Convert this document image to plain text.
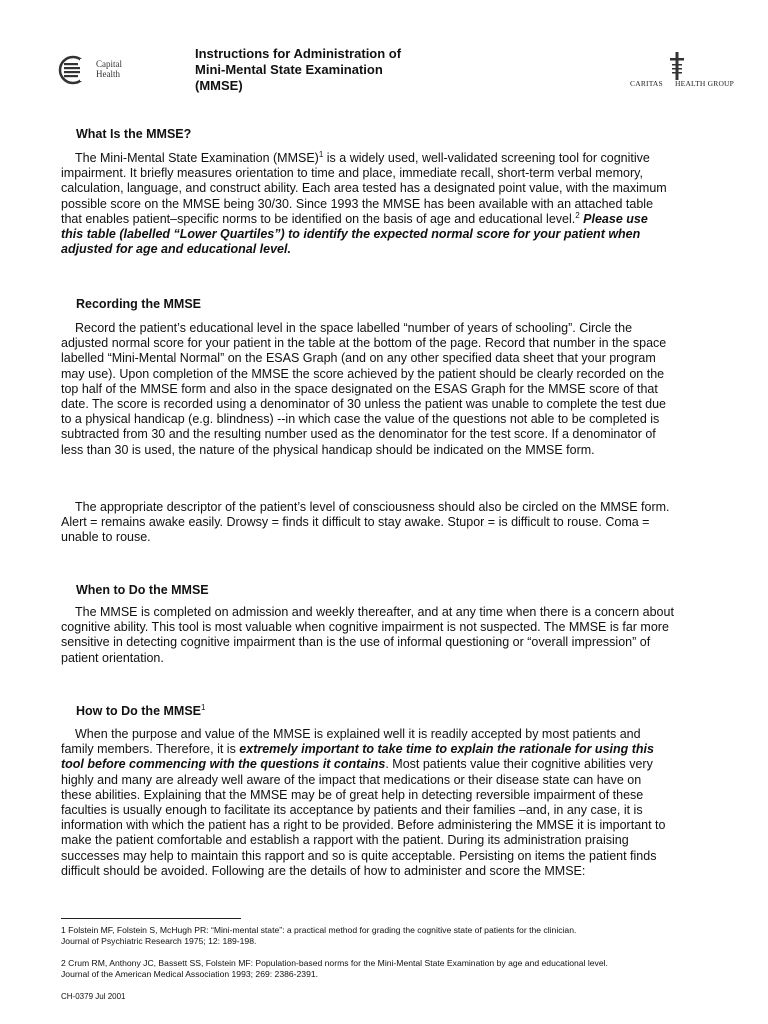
Capital
Health
Instructions for Administration of
Mini-Mental State Examination
(MMSE)	CARITAS HEALTH GROUP
What Is the MMSE?
The Mini-Mental State Examination (MMSE)$^1$ is a widely used, well-validated screening tool for cognitive
impairment. It briefly measures orientation to time and place, immediate recall, short-term verbal memory,
calculation, language, and construct ability. Each area tested has a designated point value, with the maximum
possible score on the MMSE being 30/30. Since 1993 the MMSE has been available with an attached table
that enables patient–specific norms to be identified on the basis of age and educational level.$^2$ Please use
this table (labelled “Lower Quartiles”) to identify the expected normal score for your patient when
adjusted for age and educational level.
Recording the MMSE
Record the patient’s educational level in the space labelled “number of years of schooling”. Circle the
adjusted normal score for your patient in the table at the bottom of the page. Record that number in the space
labelled “Mini-Mental Normal” on the ESAS Graph (and on any other specified data sheet that your program
may use). Upon completion of the MMSE the score achieved by the patient should be clearly recorded on the
top half of the MMSE form and also in the space designated on the ESAS Graph for the MMSE score of that
date. The score is recorded using a denominator of 30 unless the patient was unable to complete the test due
to a physical handicap (e.g. blindness) --in which case the value of the questions not able to be completed is
subtracted from 30 and the resulting number used as the denominator for the test score. If a denominator of
less than 30 is used, the nature of the physical handicap should be indicated on the MMSE form.
The appropriate descriptor of the patient’s level of consciousness should also be circled on the MMSE form.
Alert = remains awake easily. Drowsy = finds it difficult to stay awake. Stupor = is difficult to rouse. Coma =
unable to rouse.
When to Do the MMSE
The MMSE is completed on admission and weekly thereafter, and at any time when there is a concern about
cognitive ability. This tool is most valuable when cognitive impairment is not suspected. The MMSE is far more
sensitive in detecting cognitive impairment than is the use of informal questioning or “overall impression” of
patient orientation.
How to Do the MMSE$^1$
When the purpose and value of the MMSE is explained well it is readily accepted by most patients and
family members. Therefore, it is extremely important to take time to explain the rationale for using this
tool before commencing with the questions it contains. Most patients value their cognitive abilities very
highly and many are already well aware of the impact that medications or their disease state can have on
these abilities. Explaining that the MMSE may be of great help in detecting reversible impairment of these
faculties is usually enough to facilitate its acceptance by patients and their families –and, in any case, it is
information with which the patient has a right to be provided. Before administering the MMSE it is important to
make the patient comfortable and establish a rapport with the patient. During its administration praising
successes may help to maintain this rapport and so is quite acceptable. Persisting on items the patient finds
difficult should be avoided. Following are the details of how to administer and score the MMSE:
1 Folstein MF, Folstein S, McHugh PR: “Mini-mental state”: a practical method for grading the cognitive state of patients for the clinician.
Journal of Psychiatric Research 1975; 12: 189-198.
2 Crum RM, Anthony JC, Bassett SS, Folstein MF: Population-based norms for the Mini-Mental State Examination by age and educational level.
Journal of the American Medical Association 1993; 269: 2386-2391.
CH-0379 Jul 2001
